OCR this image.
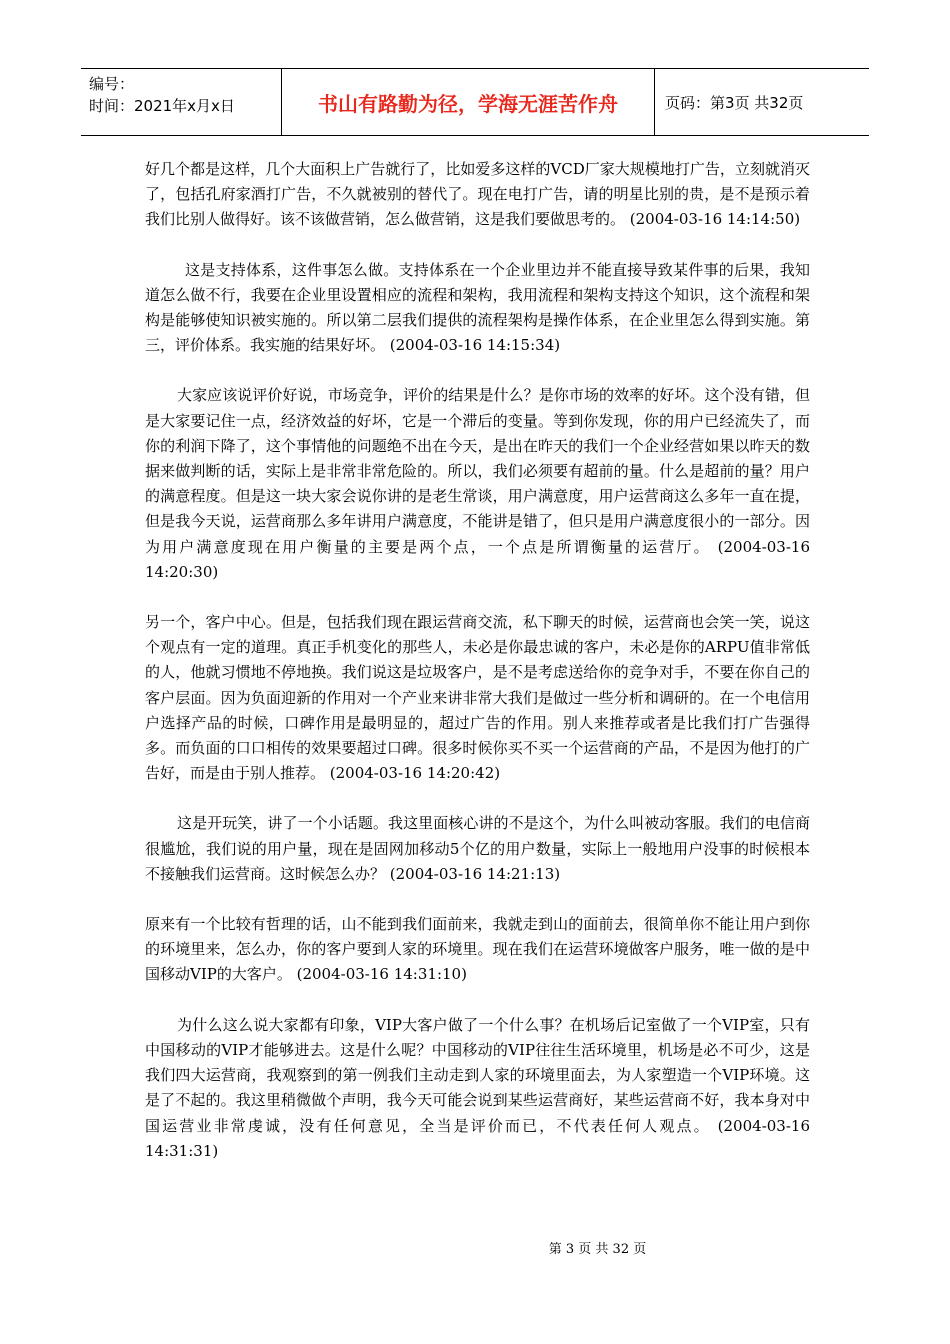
编号：
时间：2021年x月x日	书山有路勤为径，学海无涯苦作舟	页码：第3页 共32页

好几个都是这样，几个大面积上广告就行了，比如爱多这样的VCD厂家大规模地打广告，立刻就消灭了，包括孔府家酒打广告，不久就被别的替代了。现在电打广告，请的明星比别的贵，是不是预示着我们比别人做得好。该不该做营销，怎么做营销，这是我们要做思考的。 (2004-03-16 14:14:50)

这是支持体系，这件事怎么做。支持体系在一个企业里边并不能直接导致某件事的后果，我知道怎么做不行，我要在企业里设置相应的流程和架构，我用流程和架构支持这个知识，这个流程和架构是能够使知识被实施的。所以第二层我们提供的流程架构是操作体系，在企业里怎么得到实施。第三，评价体系。我实施的结果好坏。 (2004-03-16 14:15:34)

大家应该说评价好说，市场竞争，评价的结果是什么？是你市场的效率的好坏。这个没有错，但是大家要记住一点，经济效益的好坏，它是一个滞后的变量。等到你发现，你的用户已经流失了，而你的利润下降了，这个事情他的问题绝不出在今天，是出在昨天的我们一个企业经营如果以昨天的数据来做判断的话，实际上是非常非常危险的。所以，我们必须要有超前的量。什么是超前的量？用户的满意程度。但是这一块大家会说你讲的是老生常谈，用户满意度，用户运营商这么多年一直在提，但是我今天说，运营商那么多年讲用户满意度，不能讲是错了，但只是用户满意度很小的一部分。因为用户满意度现在用户衡量的主要是两个点，一个点是所谓衡量的运营厅。 (2004-03-16 14:20:30)

另一个，客户中心。但是，包括我们现在跟运营商交流，私下聊天的时候，运营商也会笑一笑，说这个观点有一定的道理。真正手机变化的那些人，未必是你最忠诚的客户，未必是你的ARPU值非常低的人，他就习惯地不停地换。我们说这是垃圾客户，是不是考虑送给你的竞争对手，不要在你自己的客户层面。因为负面迎新的作用对一个产业来讲非常大我们是做过一些分析和调研的。在一个电信用户选择产品的时候，口碑作用是最明显的，超过广告的作用。别人来推荐或者是比我们打广告强得多。而负面的口口相传的效果要超过口碑。很多时候你买不买一个运营商的产品，不是因为他打的广告好，而是由于别人推荐。 (2004-03-16 14:20:42)

这是开玩笑，讲了一个小话题。我这里面核心讲的不是这个，为什么叫被动客服。我们的电信商很尴尬，我们说的用户量，现在是固网加移动5个亿的用户数量，实际上一般地用户没事的时候根本不接触我们运营商。这时候怎么办？ (2004-03-16 14:21:13)

原来有一个比较有哲理的话，山不能到我们面前来，我就走到山的面前去，很简单你不能让用户到你的环境里来，怎么办，你的客户要到人家的环境里。现在我们在运营环境做客户服务，唯一做的是中国移动VIP的大客户。 (2004-03-16 14:31:10)

为什么这么说大家都有印象，VIP大客户做了一个什么事？在机场后记室做了一个VIP室，只有中国移动的VIP才能够进去。这是什么呢？中国移动的VIP往往生活环境里，机场是必不可少，这是我们四大运营商，我观察到的第一例我们主动走到人家的环境里面去，为人家塑造一个VIP环境。这是了不起的。我这里稍微做个声明，我今天可能会说到某些运营商好，某些运营商不好，我本身对中国运营业非常虔诚，没有任何意见，全当是评价而已，不代表任何人观点。 (2004-03-16 14:31:31)

第 3 页 共 32 页
